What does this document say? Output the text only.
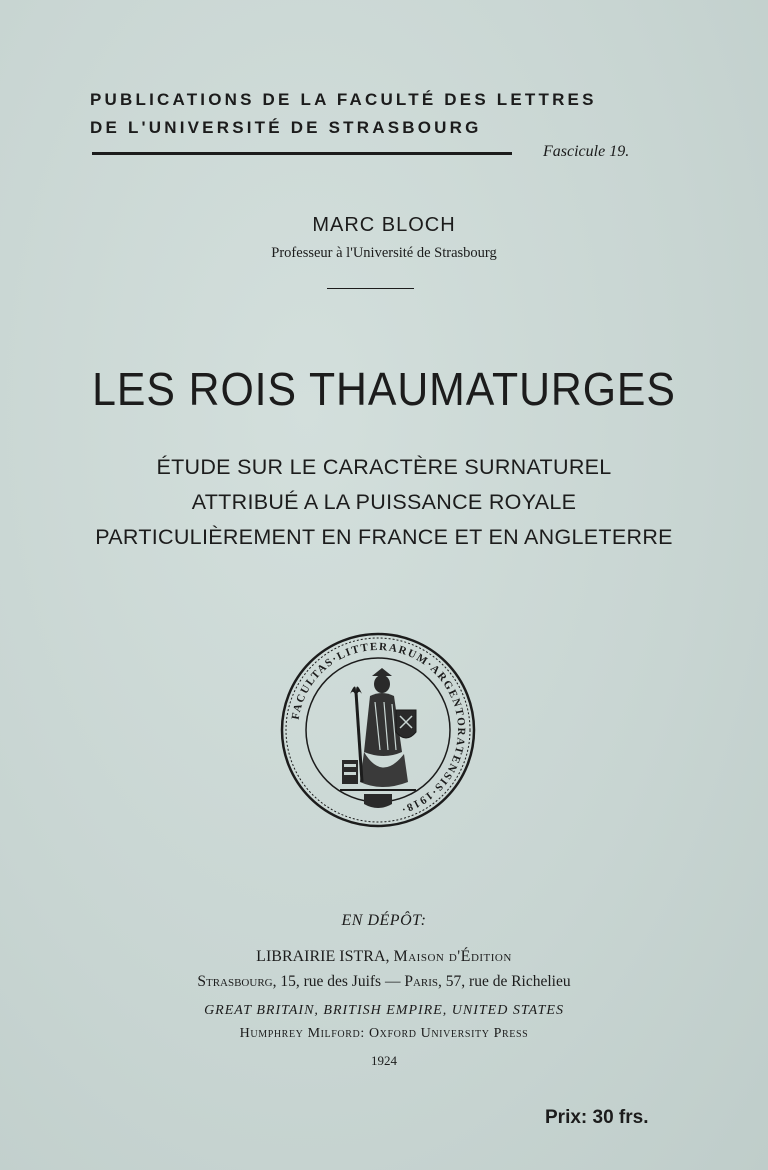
PUBLICATIONS DE LA FACULTÉ DES LETTRES
DE L'UNIVERSITÉ DE STRASBOURG
Fascicule 19.
MARC BLOCH
Professeur à l'Université de Strasbourg
LES ROIS THAUMATURGES
ÉTUDE SUR LE CARACTÈRE SURNATUREL
ATTRIBUÉ A LA PUISSANCE ROYALE
PARTICULIÈREMENT EN FRANCE ET EN ANGLETERRE
FACULTAS·LITTERARUM·ARGENTORATENSIS·1918·
EN DÉPÔT:
LIBRAIRIE ISTRA, Maison d'Édition
Strasbourg, 15, rue des Juifs — Paris, 57, rue de Richelieu
GREAT BRITAIN, BRITISH EMPIRE, UNITED STATES
Humphrey Milford: Oxford University Press
1924
Prix: 30 frs.
